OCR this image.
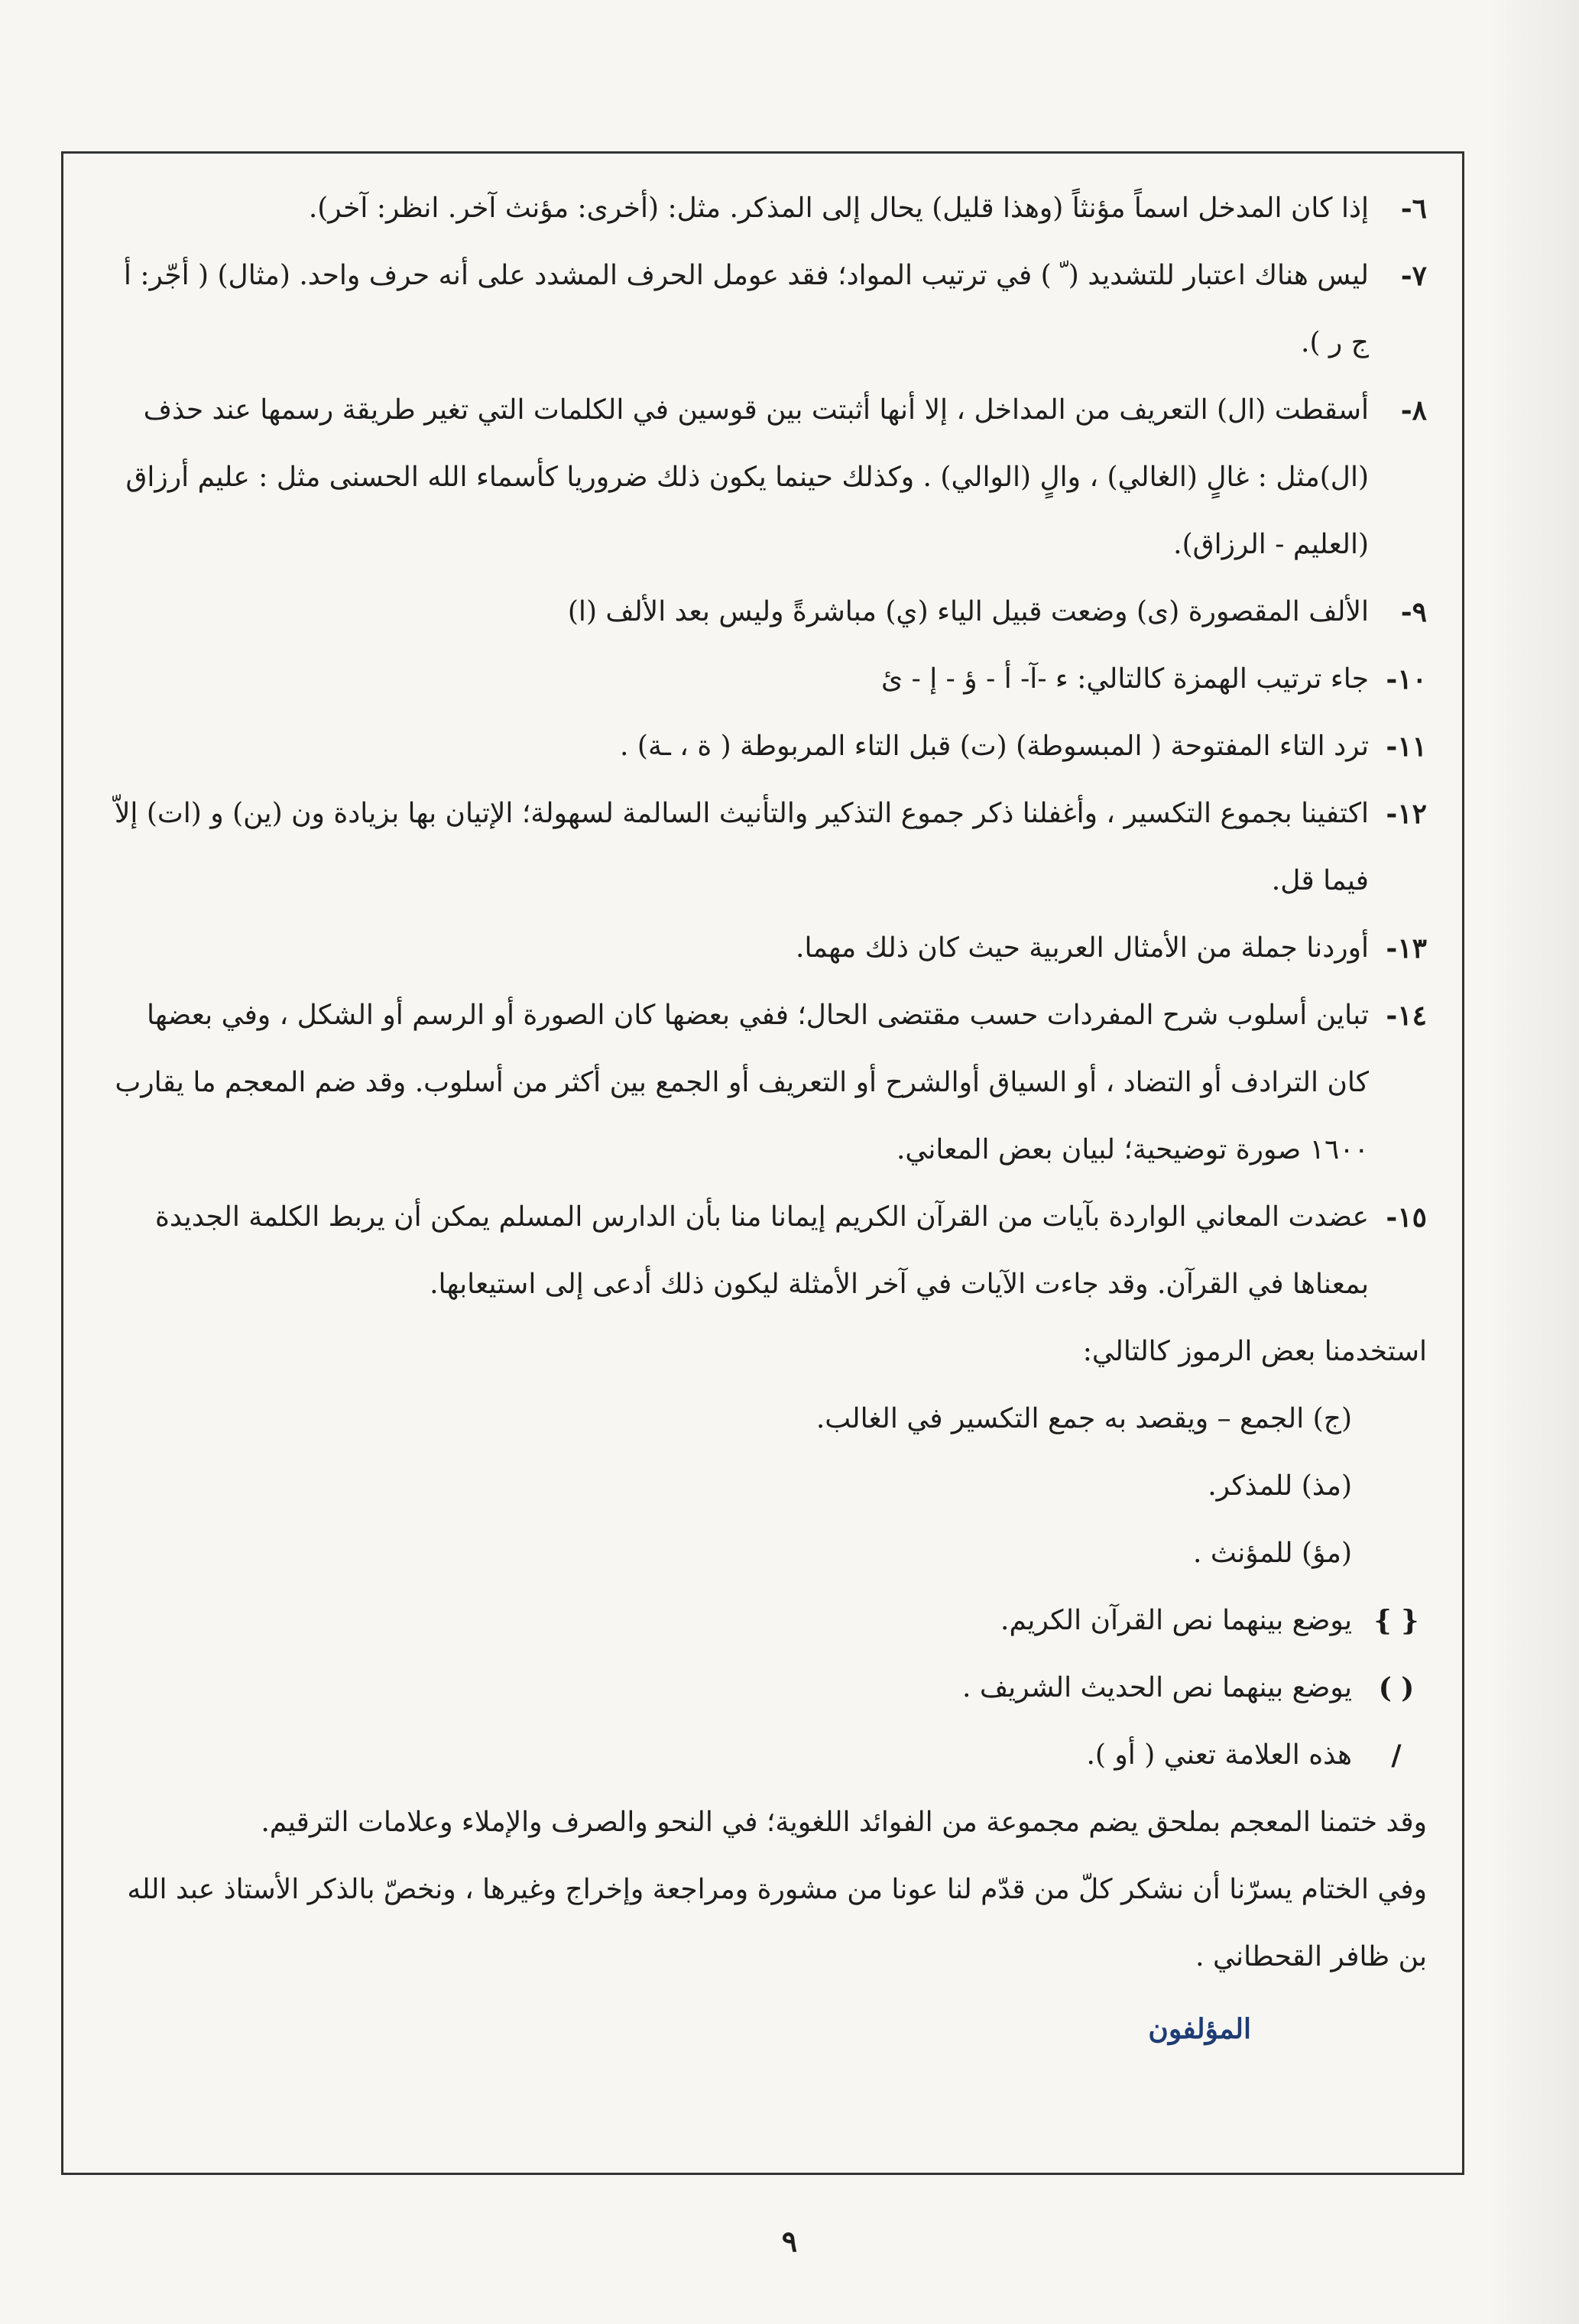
٦-
إذا كان المدخل اسماً مؤنثاً (وهذا قليل) يحال إلى المذكر. مثل: (أخرى: مؤنث آخر. انظر: آخر).
٧-
ليس هناك اعتبار للتشديد ( ّ ) في ترتيب المواد؛ فقد عومل الحرف المشدد على أنه حرف واحد. (مثال) ( أجّر: أ ج ر ).
٨-
أسقطت (ال) التعريف من المداخل ، إلا أنها أثبتت بين قوسين في الكلمات التي تغير طريقة رسمها عند حذف (ال)مثل : غالٍ (الغالي) ، والٍ (الوالي) . وكذلك حينما يكون ذلك ضروريا كأسماء الله الحسنى مثل : عليم أرزاق (العليم - الرزاق).
٩-
الألف المقصورة (ى) وضعت قبيل الياء (ي) مباشرةً وليس بعد الألف (ا)
١٠-
جاء ترتيب الهمزة كالتالي: ء -آ- أ - ؤ - إ - ئ
١١-
ترد التاء المفتوحة ( المبسوطة) (ت) قبل التاء المربوطة ( ة ، ـة) .
١٢-
اكتفينا بجموع التكسير ، وأغفلنا ذكر جموع التذكير والتأنيث السالمة لسهولة؛ الإتيان بها بزيادة ون (ين) و (ات) إلاّ فيما قل.
١٣-
أوردنا جملة من الأمثال العربية حيث كان ذلك مهما.
١٤-
تباين أسلوب شرح المفردات حسب مقتضى الحال؛ ففي بعضها كان الصورة أو الرسم أو الشكل ، وفي بعضها كان الترادف أو التضاد ، أو السياق أوالشرح أو التعريف أو الجمع بين أكثر من أسلوب. وقد ضم المعجم ما يقارب ١٦٠٠ صورة توضيحية؛ لبيان بعض المعاني.
١٥-
عضدت المعاني الواردة بآيات من القرآن الكريم إيمانا منا بأن الدارس المسلم يمكن أن يربط الكلمة الجديدة بمعناها في القرآن. وقد جاءت الآيات في آخر الأمثلة ليكون ذلك أدعى إلى استيعابها.
استخدمنا بعض الرموز كالتالي:
(ج) الجمع – ويقصد به جمع التكسير في الغالب.
(مذ) للمذكر.
(مؤ) للمؤنث .
{ }
يوضع بينهما نص القرآن الكريم.
( )
يوضع بينهما نص الحديث الشريف .
/
هذه العلامة تعني ( أو ).
وقد ختمنا المعجم بملحق يضم مجموعة من الفوائد اللغوية؛ في النحو والصرف والإملاء وعلامات الترقيم.
وفي الختام يسرّنا أن نشكر كلّ من قدّم لنا عونا من مشورة ومراجعة وإخراج وغيرها ، ونخصّ بالذكر الأستاذ عبد الله بن ظافر القحطاني .
المؤلفون
٩
